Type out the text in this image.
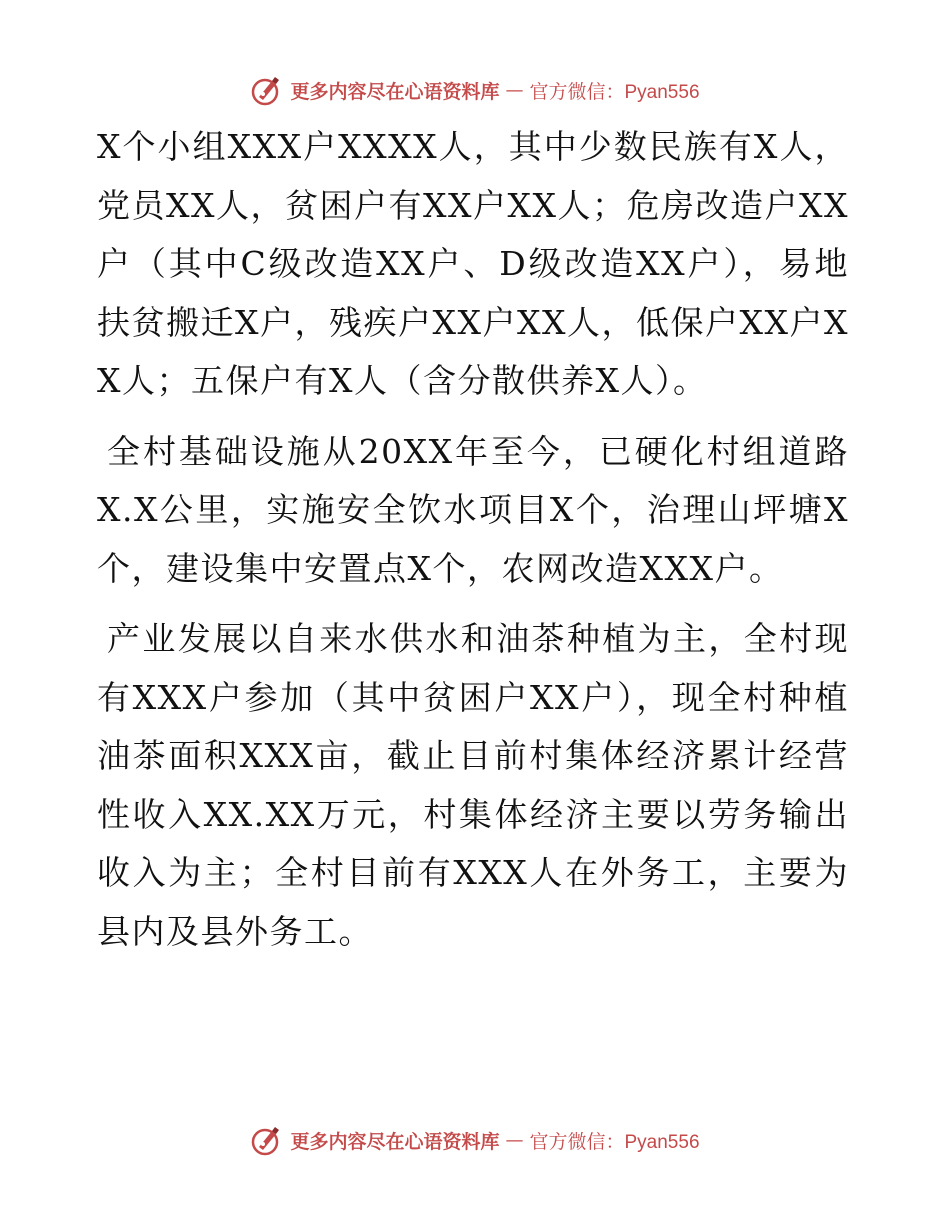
更多内容尽在心语资料库 — 官方微信：Pyan556

X个小组XXX户XXXX人，其中少数民族有X人，党员XX人，贫困户有XX户XX人；危房改造户XX户（其中C级改造XX户、D级改造XX户），易地扶贫搬迁X户，残疾户XX户XX人，低保户XX户XX人；五保户有X人（含分散供养X人）。

全村基础设施从20XX年至今，已硬化村组道路X.X公里，实施安全饮水项目X个，治理山坪塘X个，建设集中安置点X个，农网改造XXX户。

产业发展以自来水供水和油茶种植为主，全村现有XXX户参加（其中贫困户XX户），现全村种植油茶面积XXX亩，截止目前村集体经济累计经营性收入XX.XX万元，村集体经济主要以劳务输出收入为主；全村目前有XXX人在外务工，主要为县内及县外务工。

更多内容尽在心语资料库 — 官方微信：Pyan556
